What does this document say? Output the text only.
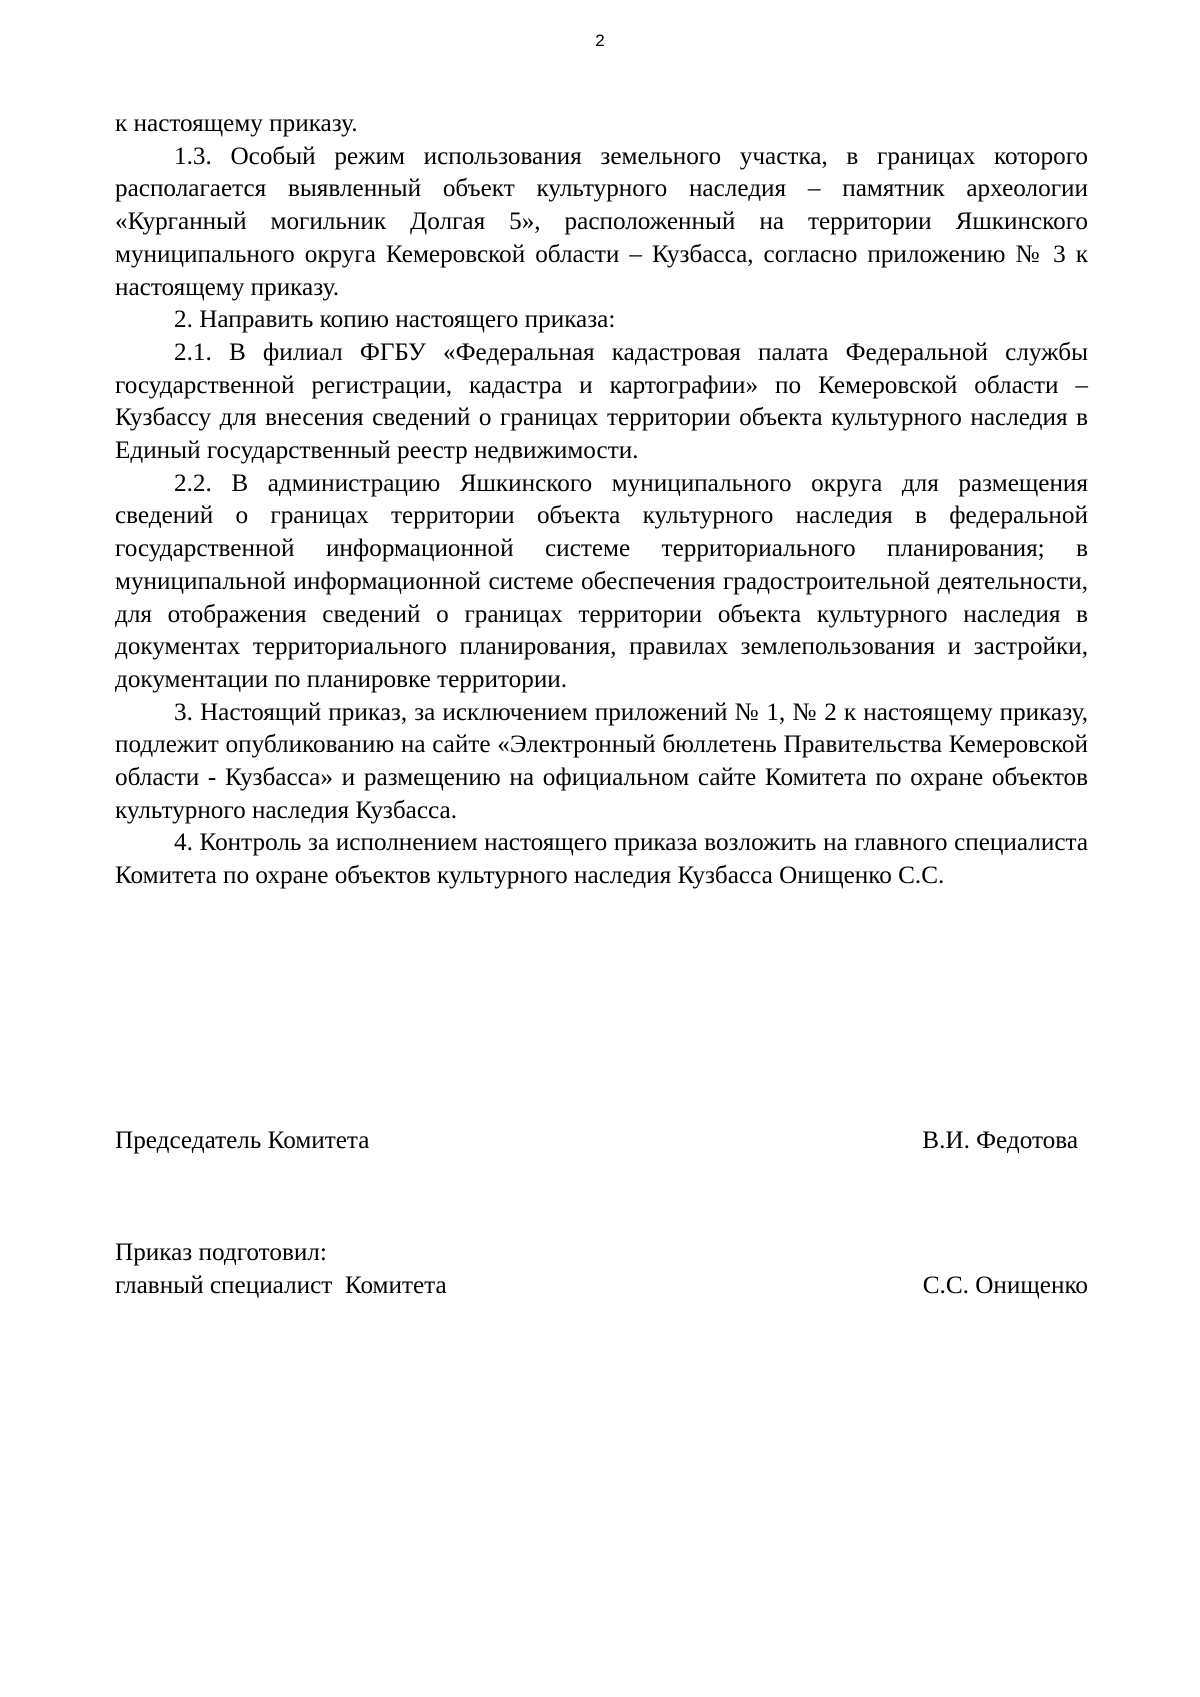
2

к настоящему приказу.

1.3. Особый режим использования земельного участка, в границах которого располагается выявленный объект культурного наследия – памятник археологии «Курганный могильник Долгая 5», расположенный на территории Яшкинского муниципального округа Кемеровской области – Кузбасса, согласно приложению № 3 к настоящему приказу.

2. Направить копию настоящего приказа:

2.1. В филиал ФГБУ «Федеральная кадастровая палата Федеральной службы государственной регистрации, кадастра и картографии» по Кемеровской области – Кузбассу для внесения сведений о границах территории объекта культурного наследия в Единый государственный реестр недвижимости.

2.2. В администрацию Яшкинского муниципального округа для размещения сведений о границах территории объекта культурного наследия в федеральной государственной информационной системе территориального планирования; в муниципальной информационной системе обеспечения градостроительной деятельности, для отображения сведений о границах территории объекта культурного наследия в документах территориального планирования, правилах землепользования и застройки, документации по планировке территории.

3. Настоящий приказ, за исключением приложений № 1, № 2 к настоящему приказу, подлежит опубликованию на сайте «Электронный бюллетень Правительства Кемеровской области - Кузбасса» и размещению на официальном сайте Комитета по охране объектов культурного наследия Кузбасса.

4. Контроль за исполнением настоящего приказа возложить на главного специалиста Комитета по охране объектов культурного наследия Кузбасса Онищенко С.С.

Председатель Комитета	В.И. Федотова
Приказ подготовил:
главный специалист  Комитета	С.С. Онищенко
